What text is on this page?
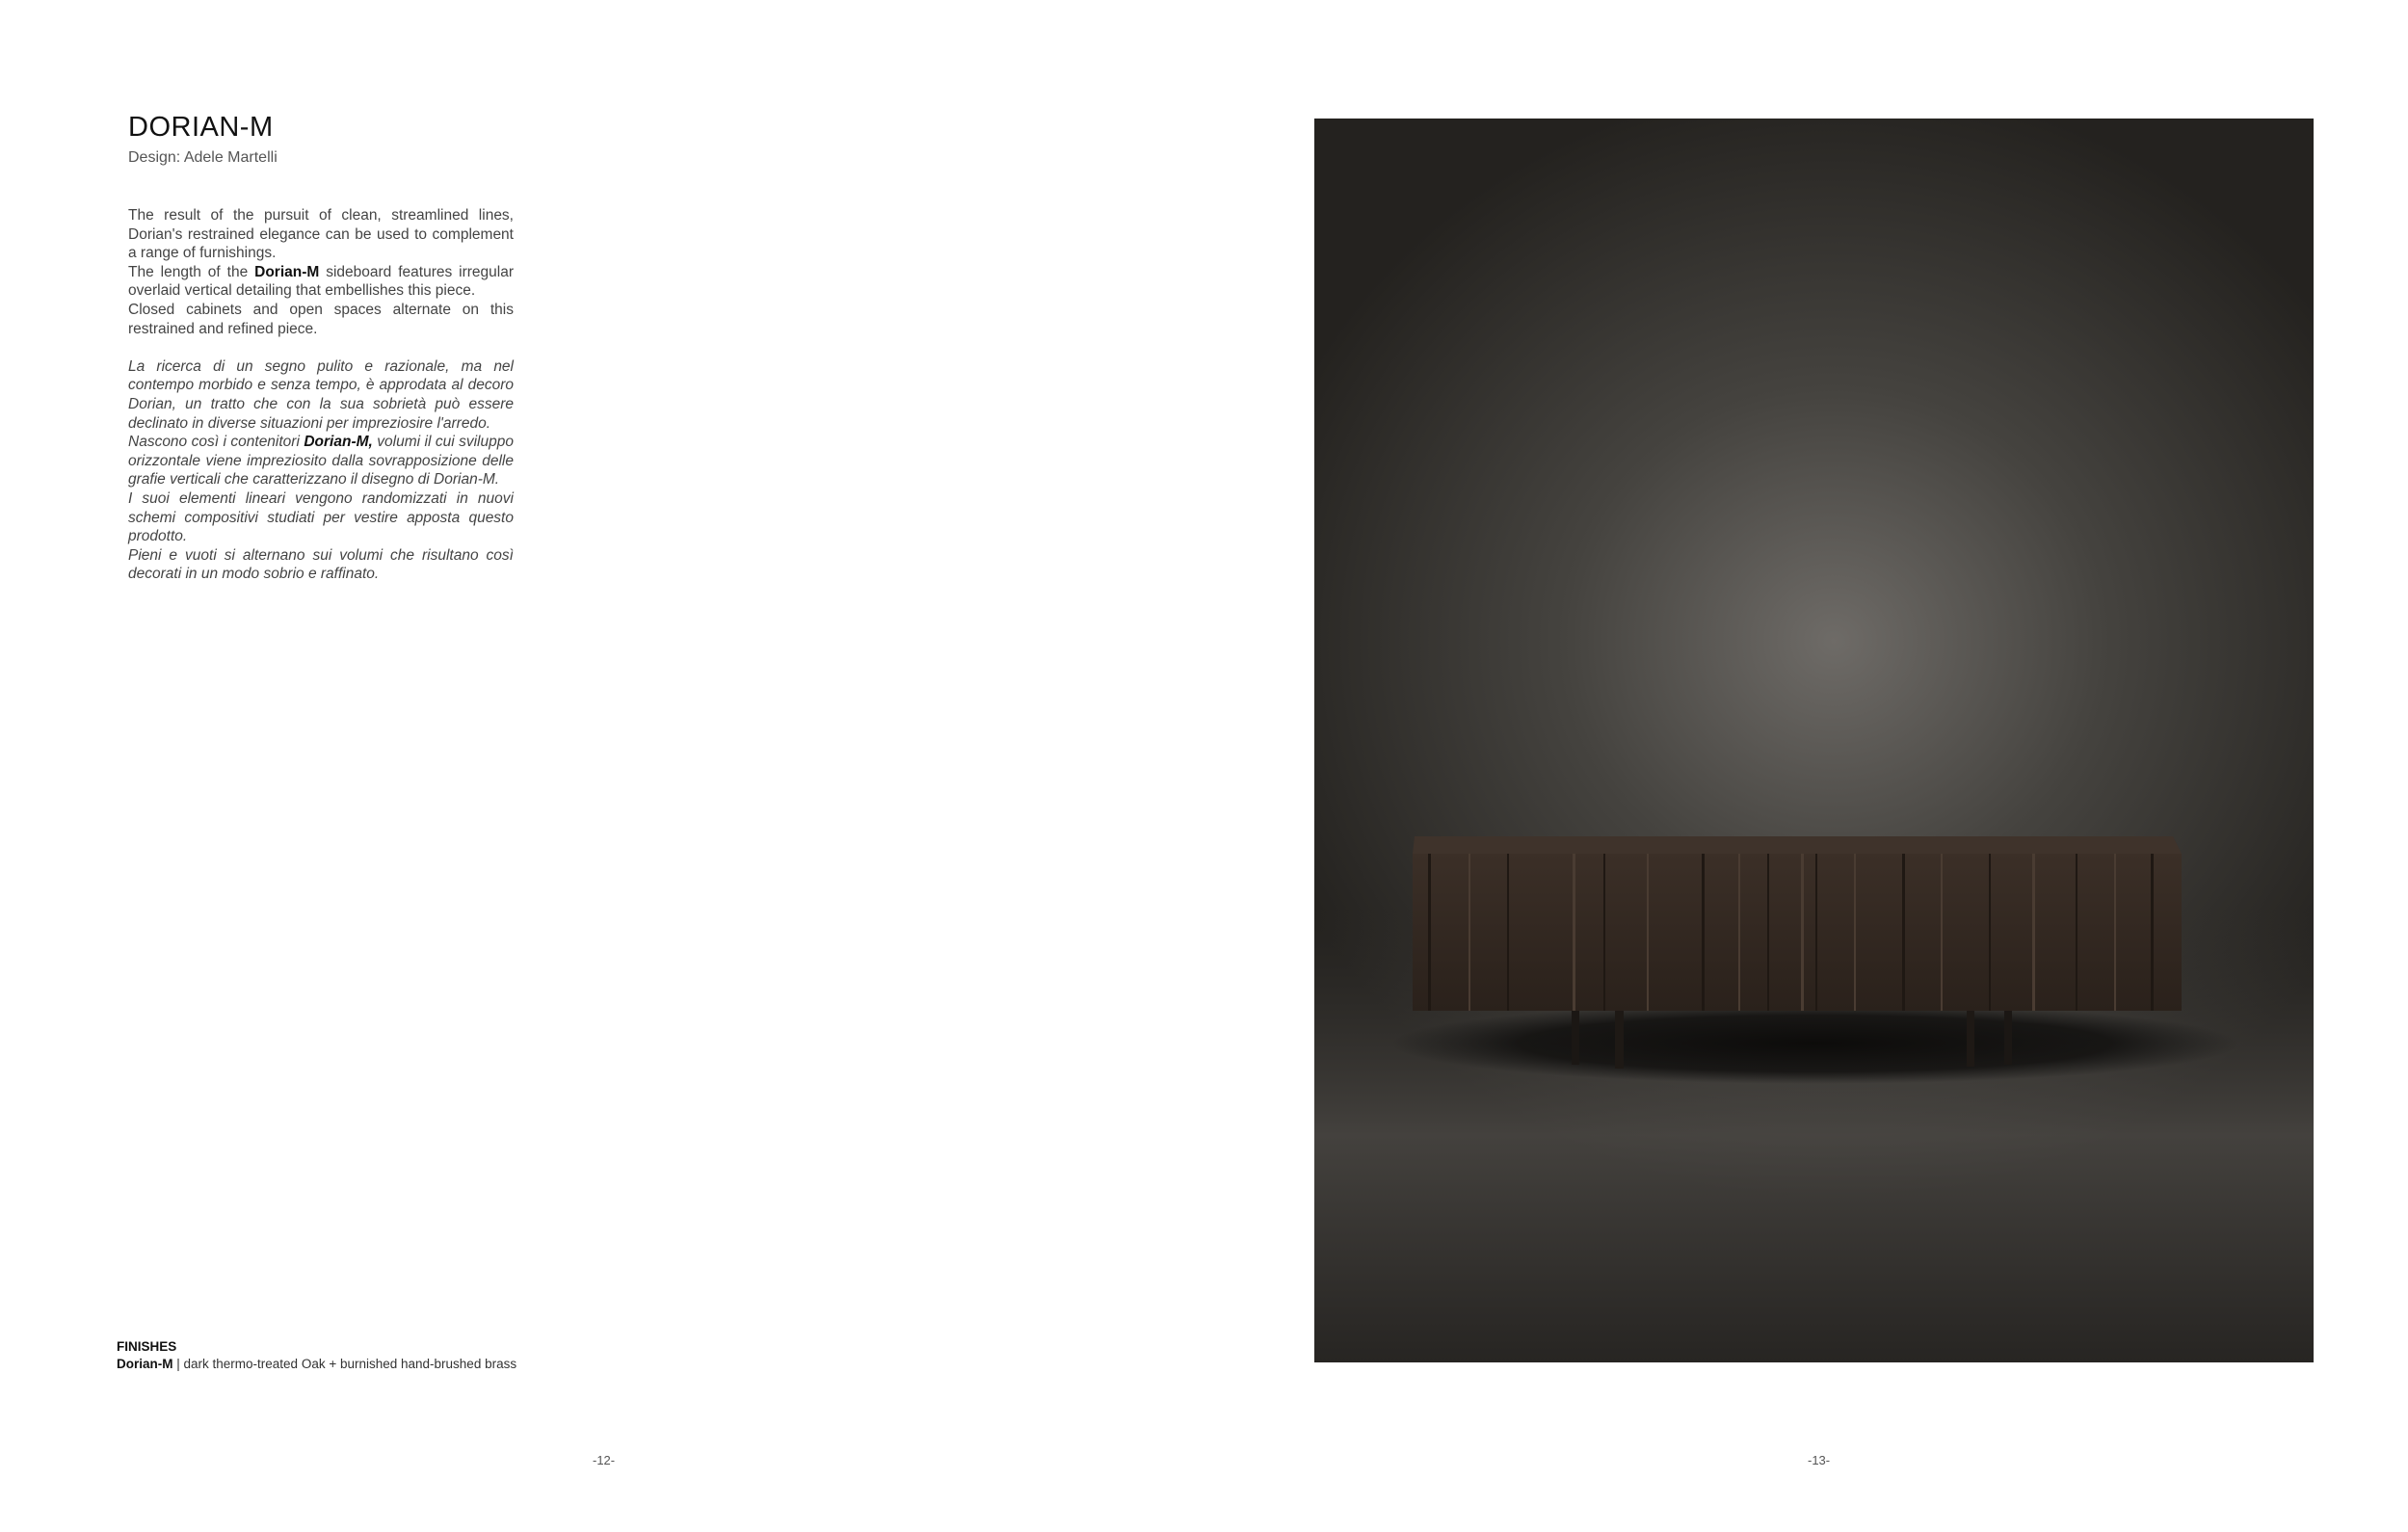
DORIAN-M
Design: Adele Martelli

The result of the pursuit of clean, streamlined lines, Dorian's restrained elegance can be used to complement a range of furnishings.

The length of the Dorian-M sideboard features irregular overlaid vertical detailing that embellishes this piece.

Closed cabinets and open spaces alternate on this restrained and refined piece.

La ricerca di un segno pulito e razionale, ma nel contempo morbido e senza tempo, è approdata al decoro Dorian, un tratto che con la sua sobrietà può essere declinato in diverse situazioni per impreziosire l'arredo.

Nascono così i contenitori Dorian-M, volumi il cui sviluppo orizzontale viene impreziosito dalla sovrapposizione delle grafie verticali che caratterizzano il disegno di Dorian-M.

I suoi elementi lineari vengono randomizzati in nuovi schemi compositivi studiati per vestire apposta questo prodotto.

Pieni e vuoti si alternano sui volumi che risultano così decorati in un modo sobrio e raffinato.

FINISHES
Dorian-M | dark thermo-treated Oak + burnished hand-brushed brass
-12-	-13-
